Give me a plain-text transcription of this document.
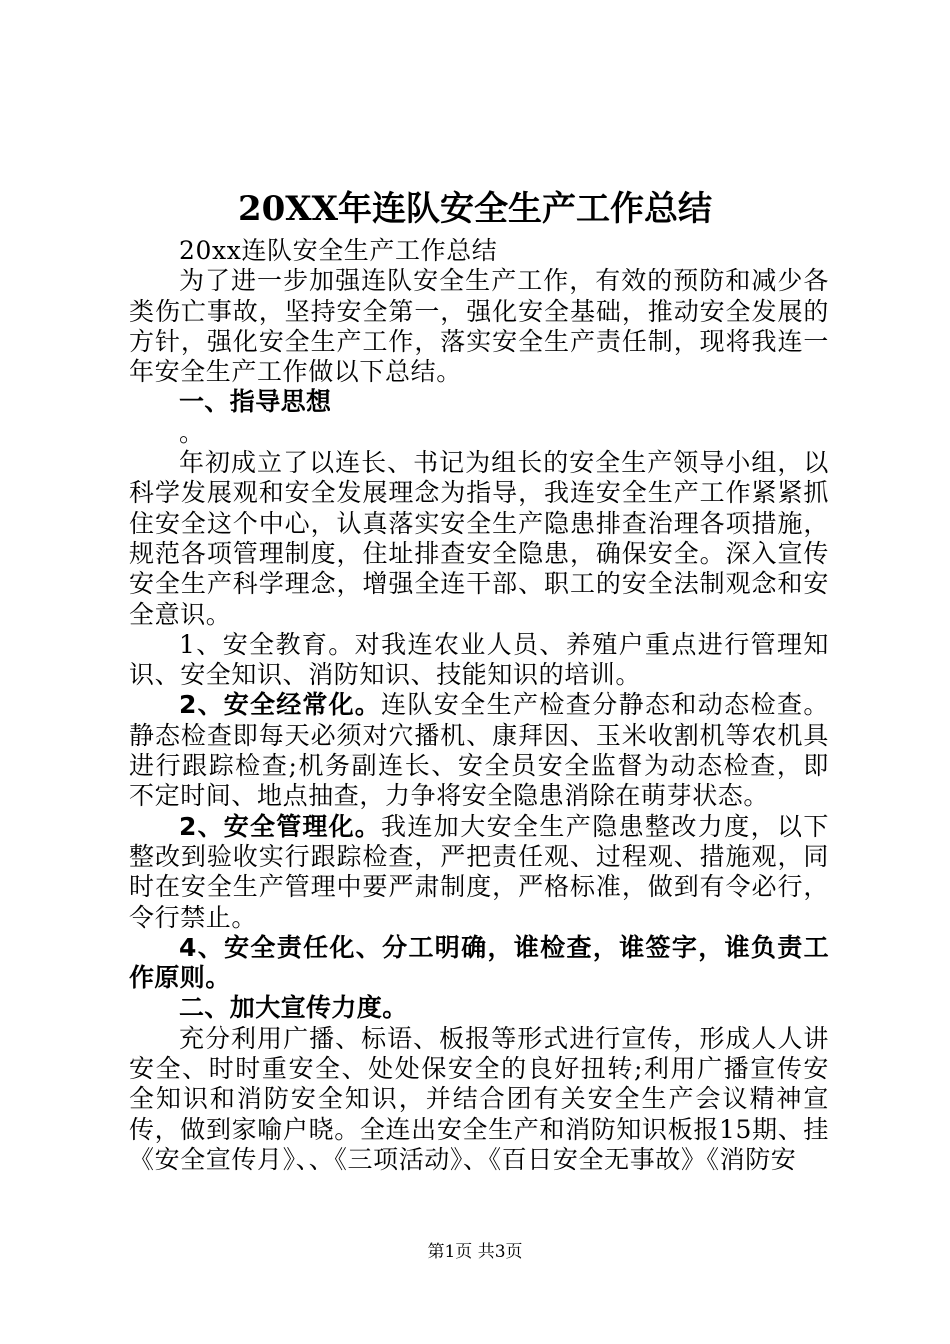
20XX年连队安全生产工作总结

20xx连队安全生产工作总结

为了进一步加强连队安全生产工作，有效的预防和减少各类伤亡事故，坚持安全第一，强化安全基础，推动安全发展的方针，强化安全生产工作，落实安全生产责任制，现将我连一年安全生产工作做以下总结。

一、指导思想

。

年初成立了以连长、书记为组长的安全生产领导小组，以科学发展观和安全发展理念为指导，我连安全生产工作紧紧抓住安全这个中心，认真落实安全生产隐患排查治理各项措施，规范各项管理制度，住址排查安全隐患，确保安全。深入宣传安全生产科学理念，增强全连干部、职工的安全法制观念和安全意识。

1、安全教育。对我连农业人员、养殖户重点进行管理知识、安全知识、消防知识、技能知识的培训。

2、安全经常化。连队安全生产检查分静态和动态检查。静态检查即每天必须对穴播机、康拜因、玉米收割机等农机具进行跟踪检查;机务副连长、安全员安全监督为动态检查，即不定时间、地点抽查，力争将安全隐患消除在萌芽状态。

2、安全管理化。我连加大安全生产隐患整改力度，以下整改到验收实行跟踪检查，严把责任观、过程观、措施观，同时在安全生产管理中要严肃制度，严格标准，做到有令必行，令行禁止。

4、安全责任化、分工明确，谁检查，谁签字，谁负责工作原则。

二、加大宣传力度。

充分利用广播、标语、板报等形式进行宣传，形成人人讲安全、时时重安全、处处保安全的良好扭转;利用广播宣传安全知识和消防安全知识，并结合团有关安全生产会议精神宣传，做到家喻户晓。全连出安全生产和消防知识板报15期、挂《安全宣传月》、、《三项活动》、《百日安全无事故》《消防安

第1页 共3页
